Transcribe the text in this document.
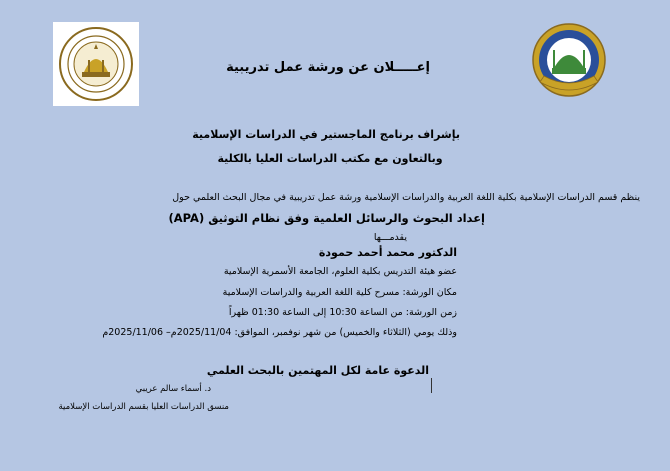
إعـــــلان عن ورشة عمل تدريبية
بإشراف برنامج الماجستير في الدراسات الإسلامية
وبالتعاون مع مكتب الدراسات العليا بالكلية
ينظم قسم الدراسات الإسلامية بكلية اللغة العربية والدراسات الإسلامية ورشة عمل تدريبية في مجال البحث العلمي حول
إعداد البحوث والرسائل العلمية وفق نظام التوثيق (APA)
يقدمـــها
الدكتور محمد أحمد حمودة
عضو هيئة التدريس بكلية العلوم، الجامعة الأسمرية الإسلامية
مكان الورشة: مسرح كلية اللغة العربية والدراسات الإسلامية
زمن الورشة: من الساعة 10:30 إلى الساعة 01:30 ظهراً
وذلك يومي (الثلاثاء والخميس) من شهر نوفمبر، الموافق: 2025/11/04م– 2025/11/06م
الدعوة عامة لكل المهتمين بالبحث العلمي
د. أسماء سالم عريبي
منسق الدراسات العليا بقسم الدراسات الإسلامية
